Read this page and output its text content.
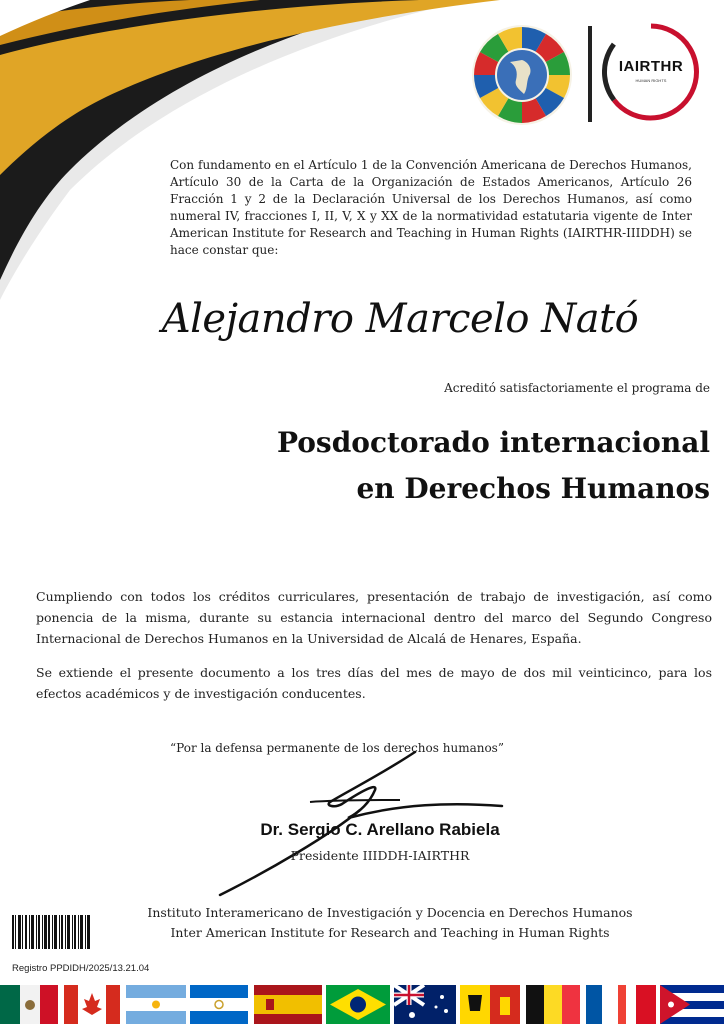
IAIRTHR
HUMAN RIGHTS
Con fundamento en el Artículo 1 de la Convención Americana de Derechos Humanos, Artículo 30 de la Carta de la Organización de Estados Americanos, Artículo 26 Fracción 1 y 2 de la Declaración Universal de los Derechos Humanos, así como numeral IV, fracciones I, II, V, X y XX de la normatividad estatutaria vigente de Inter American Institute for Research and Teaching in Human Rights (IAIRTHR-IIIDDH) se hace constar que:
Alejandro Marcelo Nató
Acreditó satisfactoriamente el programa de
Posdoctorado internacional
en Derechos Humanos
Cumpliendo con todos los créditos curriculares, presentación de trabajo de investigación, así como ponencia de la misma, durante su estancia internacional dentro del marco del Segundo Congreso Internacional de Derechos Humanos en la Universidad de Alcalá de Henares, España.
Se extiende el presente documento a los tres días del mes de mayo de dos mil veinticinco, para los efectos académicos y de investigación conducentes.
“Por la defensa permanente de los derechos humanos”
Dr. Sergio C. Arellano Rabiela
Presidente IIIDDH-IAIRTHR
Instituto Interamericano de Investigación y Docencia en Derechos Humanos
Inter American Institute for Research and Teaching in Human Rights
Registro PPDIDH/2025/13.21.04
